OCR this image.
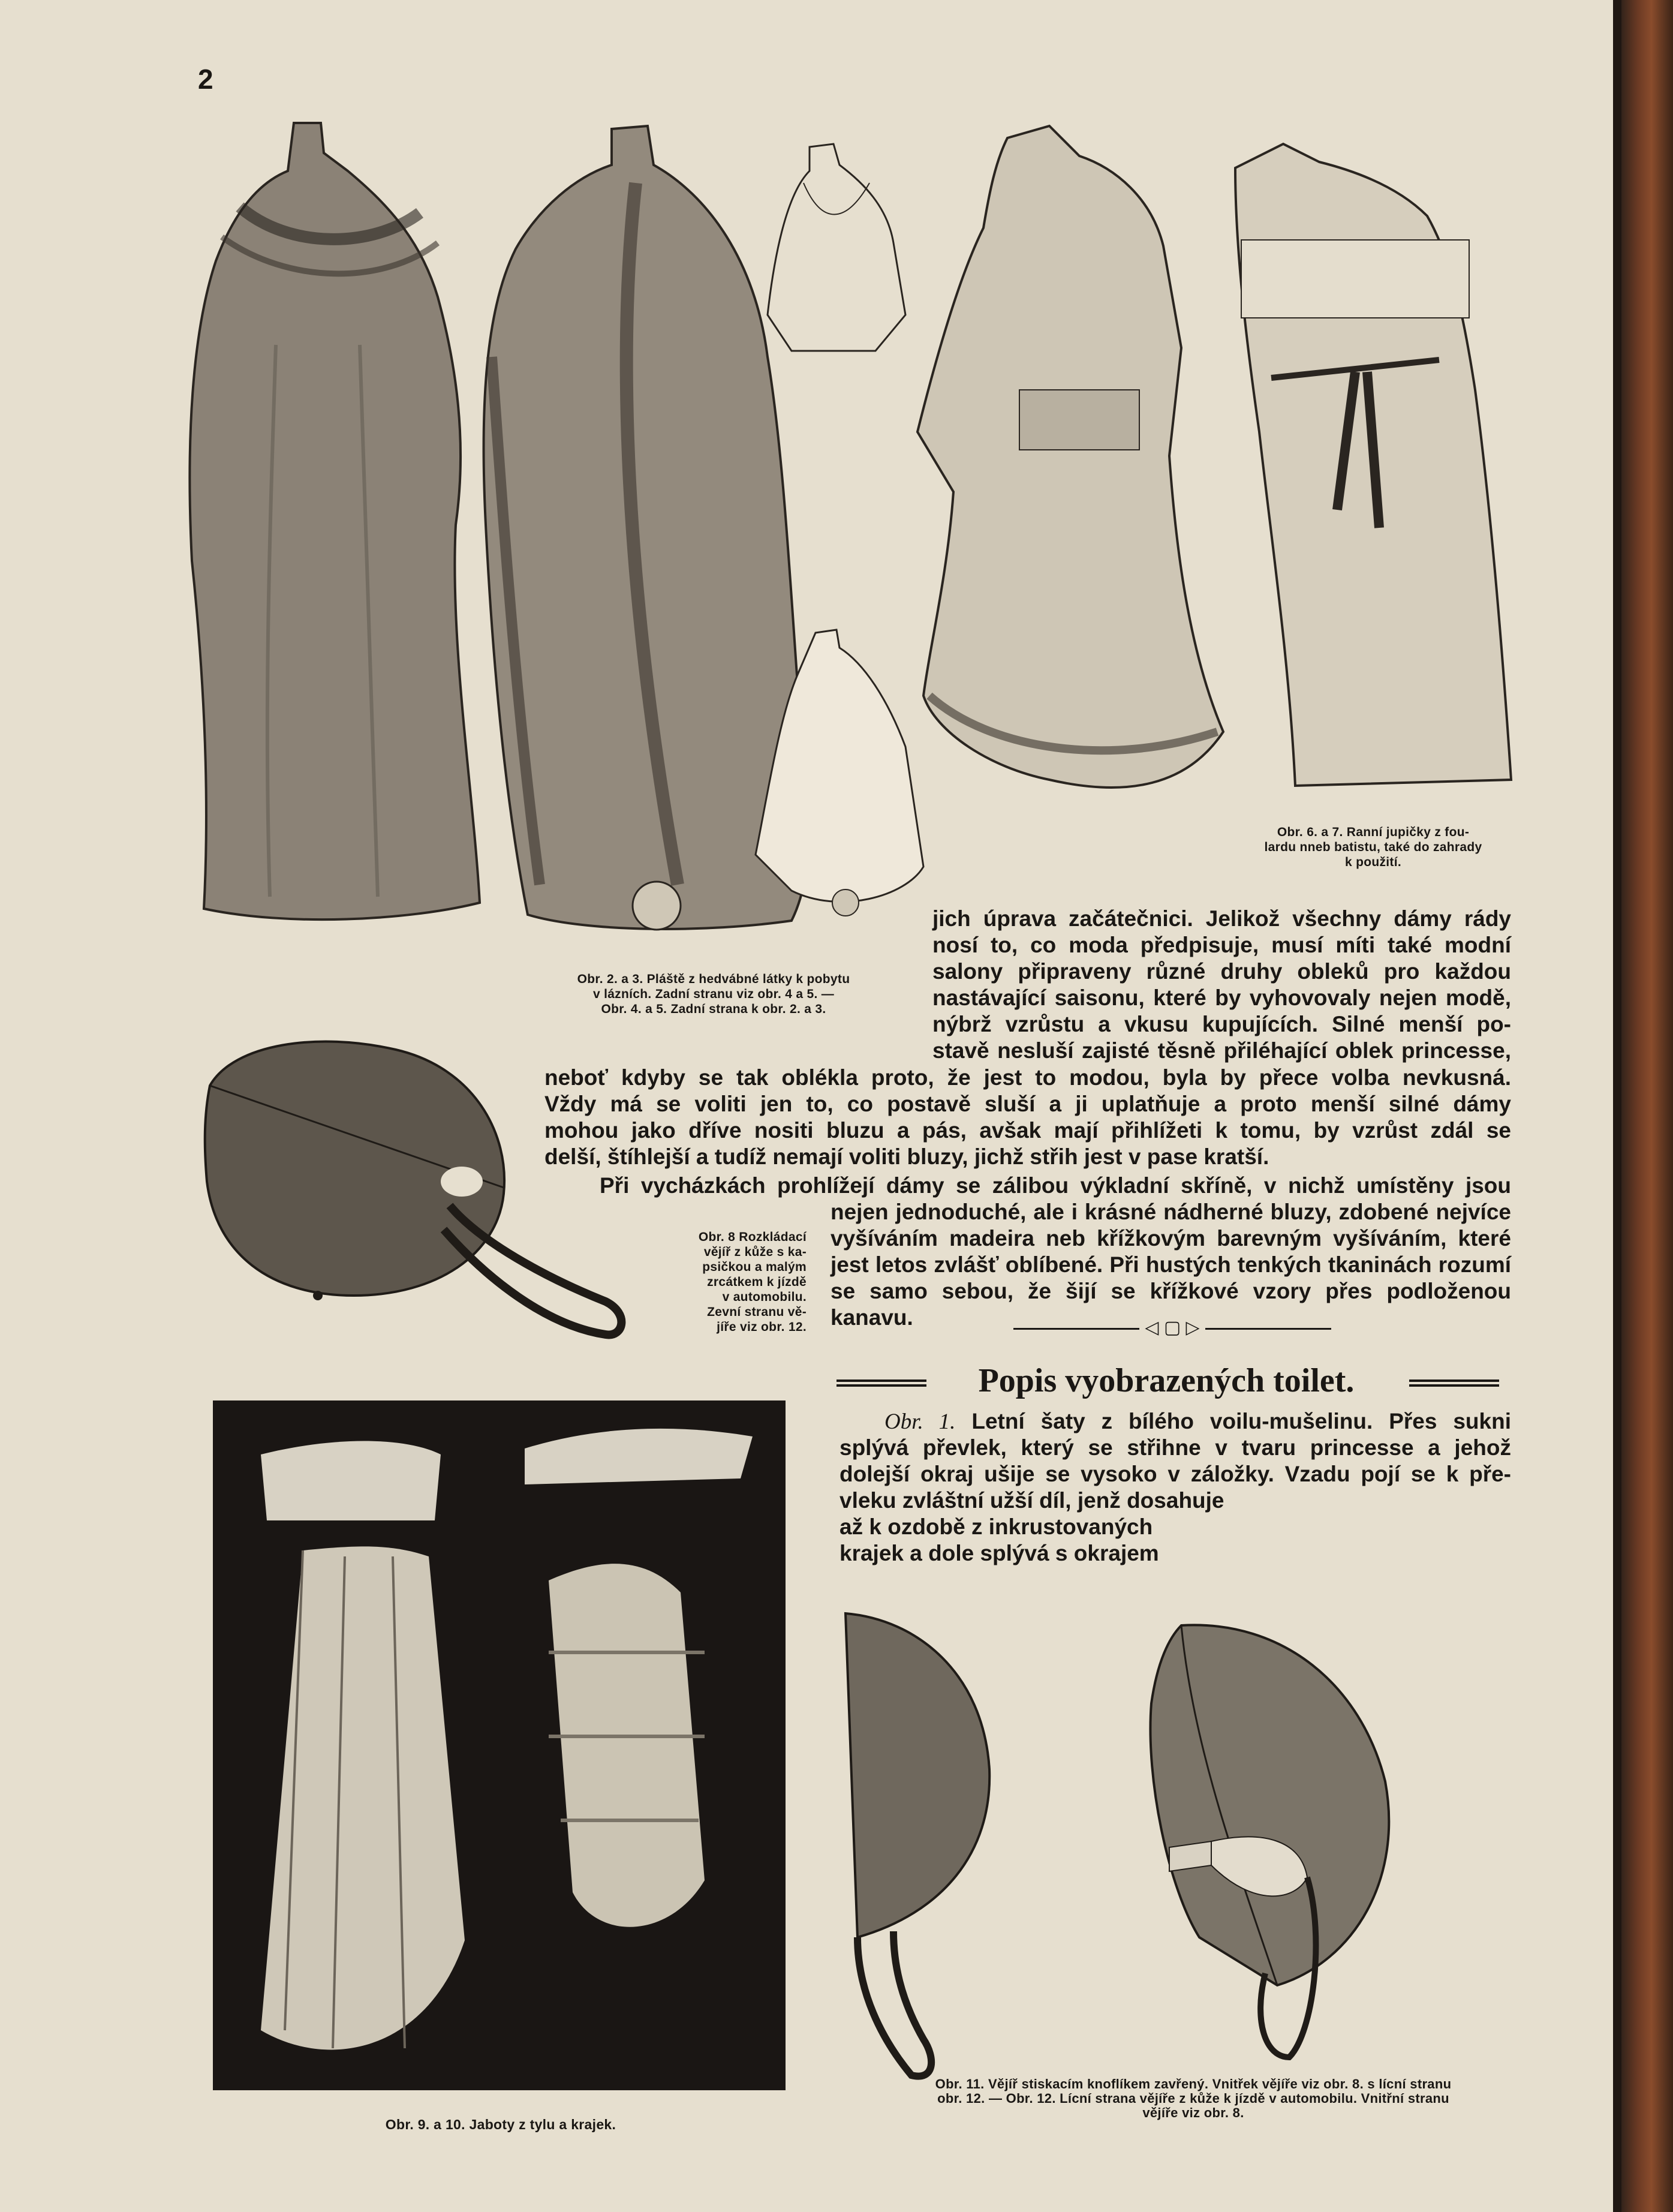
2
Obr. 2. a 3. Pláště z hedvábné látky k pobytu
v lázních. Zadní stranu viz obr. 4 a 5. —
Obr. 4. a 5. Zadní strana k obr. 2. a 3.
Obr. 6. a 7. Ranní jupičky z fou-
lardu nneb batistu, také do zahrady
k použití.
jich úprava začátečnici. Jelikož všechny dámy rády
nosí to, co moda předpisuje, musí míti také modní
salony připraveny různé druhy obleků pro každou
nastávající saisonu, které by vyhovovaly nejen modě,
nýbrž vzrůstu a vkusu kupujících. Silné menší po-
stavě nesluší zajisté těsně přiléhající oblek princesse,
Obr. 8 Rozkládací
vějíř z kůže s ka-
psičkou a malým
zrcátkem k jízdě
v automobilu.
Zevní stranu vě-
jíře viz obr. 12.
neboť kdyby se tak oblékla proto, že jest to modou, byla by přece volba nevkusná.
Vždy má se voliti jen to, co postavě sluší a ji uplatňuje a proto menší silné dámy
mohou jako dříve nositi bluzu a pás, avšak mají přihlížeti k tomu, by vzrůst zdál se
delší, štíhlejší a tudíž nemají voliti bluzy, jichž střih jest v pase kratší.
Při vycházkách prohlížejí dámy se zálibou výkladní skříně, v nichž umístěny jsou
nejen jednoduché, ale i krásné nádherné bluzy, zdobené nejvíce
vyšíváním madeira neb křížkovým barevným vyšíváním, které
jest letos zvlášť oblíbené. Při hustých tenkých tkaninách rozumí
se samo sebou, že šijí se křížkové vzory přes podloženou kanavu.	◁ ▢ ▷
Popis vyobrazených toilet.
Obr. 1. Letní šaty z bílého voilu-mušelinu. Přes sukni
splývá převlek, který se střihne v tvaru princesse a jehož
dolejší okraj ušije se vysoko v záložky. Vzadu pojí se k pře-
vleku zvláštní užší díl, jenž dosahuje
až k ozdobě z inkrustovaných
krajek a dole splývá s okrajem
Obr. 9. a 10. Jaboty z tylu a krajek.
Obr. 11. Vějíř stiskacím knoflíkem zavřený. Vnitřek vějíře viz obr. 8. s lícní stranu
obr. 12. — Obr. 12. Lícní strana vějíře z kůže k jízdě v automobilu. Vnitřní stranu
vějíře viz obr. 8.
